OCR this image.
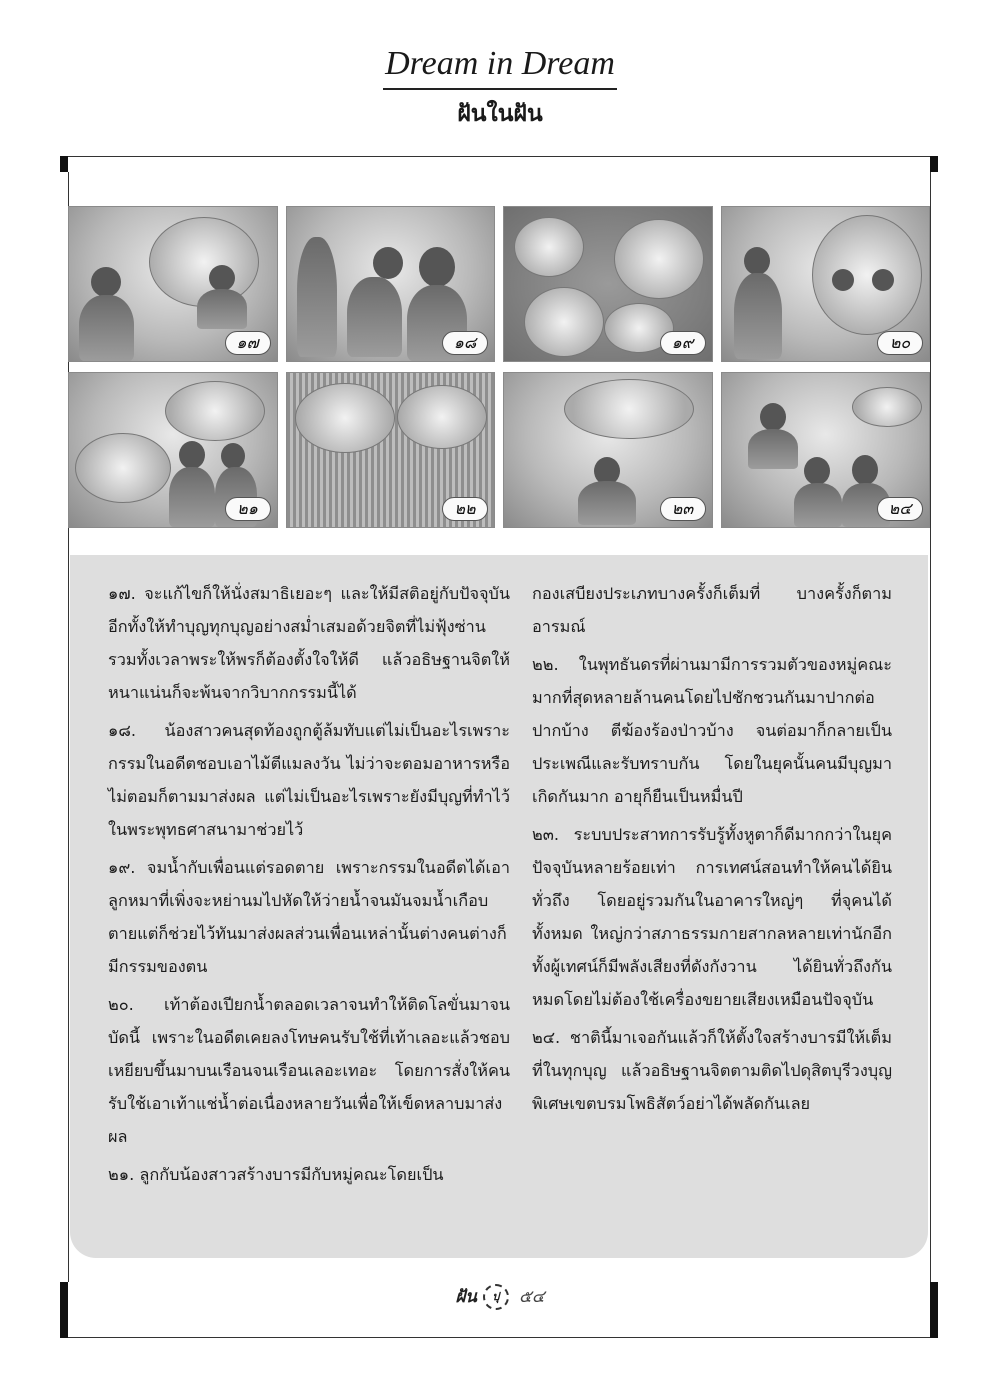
Dream in Dream
ฝันในฝัน
๑๗	๑๘	๑๙	๒๐
๒๑	๒๒	๒๓	๒๔

๑๗. จะแก้ไขก็ให้นั่งสมาธิเยอะๆ และให้มีสติอยู่กับปัจจุบัน อีกทั้งให้ทำบุญทุกบุญอย่างสม่ำเสมอด้วยจิตที่ไม่ฟุ้งซ่าน รวมทั้งเวลาพระให้พรก็ต้องตั้งใจให้ดี แล้วอธิษฐานจิตให้หนาแน่นก็จะพ้นจากวิบากกรรมนี้ได้

๑๘. น้องสาวคนสุดท้องถูกตู้ล้มทับแต่ไม่เป็นอะไรเพราะกรรมในอดีตชอบเอาไม้ตีแมลงวัน ไม่ว่าจะตอมอาหารหรือไม่ตอมก็ตามมาส่งผล แต่ไม่เป็นอะไรเพราะยังมีบุญที่ทำไว้ในพระพุทธศาสนามาช่วยไว้

๑๙. จมน้ำกับเพื่อนแต่รอดตาย เพราะกรรมในอดีตได้เอาลูกหมาที่เพิ่งจะหย่านมไปหัดให้ว่ายน้ำจนมันจมน้ำเกือบตายแต่ก็ช่วยไว้ทันมาส่งผลส่วนเพื่อนเหล่านั้นต่างคนต่างก็มีกรรมของตน

๒๐. เท้าต้องเปียกน้ำตลอดเวลาจนทำให้ติดโลขั่นมาจนบัดนี้ เพราะในอดีตเคยลงโทษคนรับใช้ที่เท้าเลอะแล้วชอบเหยียบขึ้นมาบนเรือนจนเรือนเลอะเทอะ โดยการสั่งให้คนรับใช้เอาเท้าแช่น้ำต่อเนื่องหลายวันเพื่อให้เข็ดหลาบมาส่งผล

๒๑. ลูกกับน้องสาวสร้างบารมีกับหมู่คณะโดยเป็น

กองเสบียงประเภทบางครั้งก็เต็มที่ บางครั้งก็ตามอารมณ์

๒๒. ในพุทธันดรที่ผ่านมามีการรวมตัวของหมู่คณะมากที่สุดหลายล้านคนโดยไปชักชวนกันมาปากต่อปากบ้าง ตีฆ้องร้องป่าวบ้าง จนต่อมาก็กลายเป็นประเพณีและรับทราบกัน โดยในยุคนั้นคนมีบุญมาเกิดกันมาก อายุก็ยืนเป็นหมื่นปี

๒๓. ระบบประสาทการรับรู้ทั้งหูตาก็ดีมากกว่าในยุคปัจจุบันหลายร้อยเท่า การเทศน์สอนทำให้คนได้ยินทั่วถึง โดยอยู่รวมกันในอาคารใหญ่ๆ ที่จุคนได้ทั้งหมด ใหญ่กว่าสภาธรรมกายสากลหลายเท่านักอีกทั้งผู้เทศน์ก็มีพลังเสียงที่ดังกังวาน ได้ยินทั่วถึงกันหมดโดยไม่ต้องใช้เครื่องขยายเสียงเหมือนปัจจุบัน

๒๔. ชาตินี้มาเจอกันแล้วก็ให้ตั้งใจสร้างบารมีให้เต็มที่ในทุกบุญ แล้วอธิษฐานจิตตามติดไปดุสิตบุรีวงบุญพิเศษเขตบรมโพธิสัตว์อย่าได้พลัดกันเลย

ฝัน	ปุ	๕๔
